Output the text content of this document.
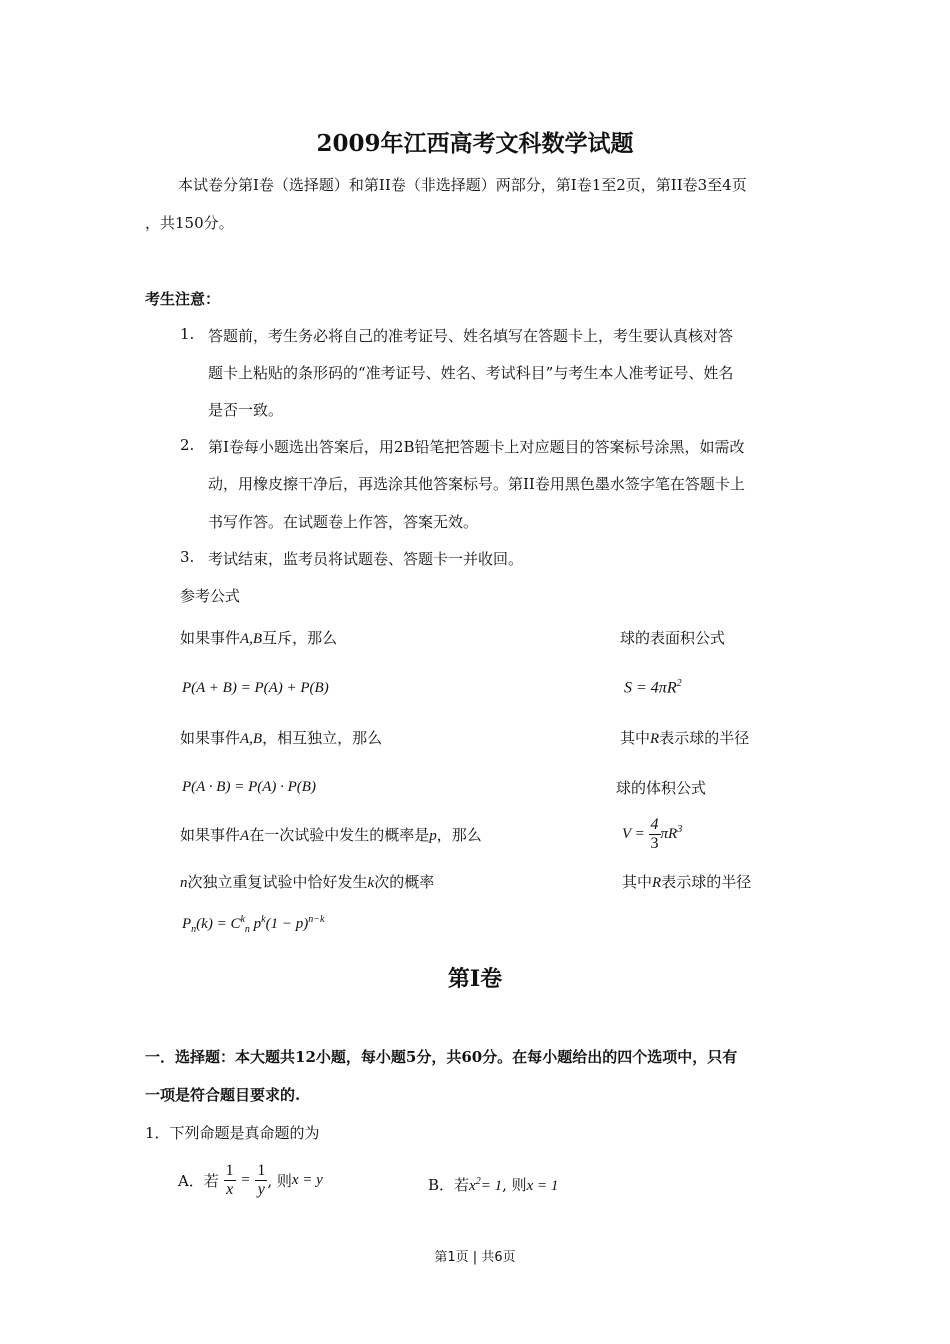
2009年江西高考文科数学试题
本试卷分第I卷（选择题）和第II卷（非选择题）两部分，第I卷1至2页，第II卷3至4页
，共150分。
考生注意：
1. 答题前，考生务必将自己的准考证号、姓名填写在答题卡上，考生要认真核对答
题卡上粘贴的条形码的“准考证号、姓名、考试科目”与考生本人准考证号、姓名
是否一致。
2. 第I卷每小题选出答案后，用2B铅笔把答题卡上对应题目的答案标号涂黑，如需改
动，用橡皮擦干净后，再选涂其他答案标号。第II卷用黑色墨水签字笔在答题卡上
书写作答。在试题卷上作答，答案无效。
3. 考试结束，监考员将试题卷、答题卡一并收回。
参考公式
如果事件A,B互斥，那么
P(A + B) = P(A) + P(B)
如果事件A,B，相互独立，那么
P(A · B) = P(A) · P(B)
如果事件A在一次试验中发生的概率是p，那么
n次独立重复试验中恰好发生k次的概率
$P_n(k) = C^k_n$ $p^k(1 - p)^{n-k}$
球的表面积公式
$S = 4\pi R^2$
其中R表示球的半径
球的体积公式
$V = \frac{4}{3} \pi R^3$
其中R表示球的半径
第I卷
一．选择题：本大题共12小题，每小题5分，共60分。在每小题给出的四个选项中，只有
一项是符合题目要求的.
1．下列命题是真命题的为
A．若 $\frac{1}{x} = \frac{1}{y}$ , 则x = y	B．若$x^2= 1$, 则x = 1
第1页 | 共6页
